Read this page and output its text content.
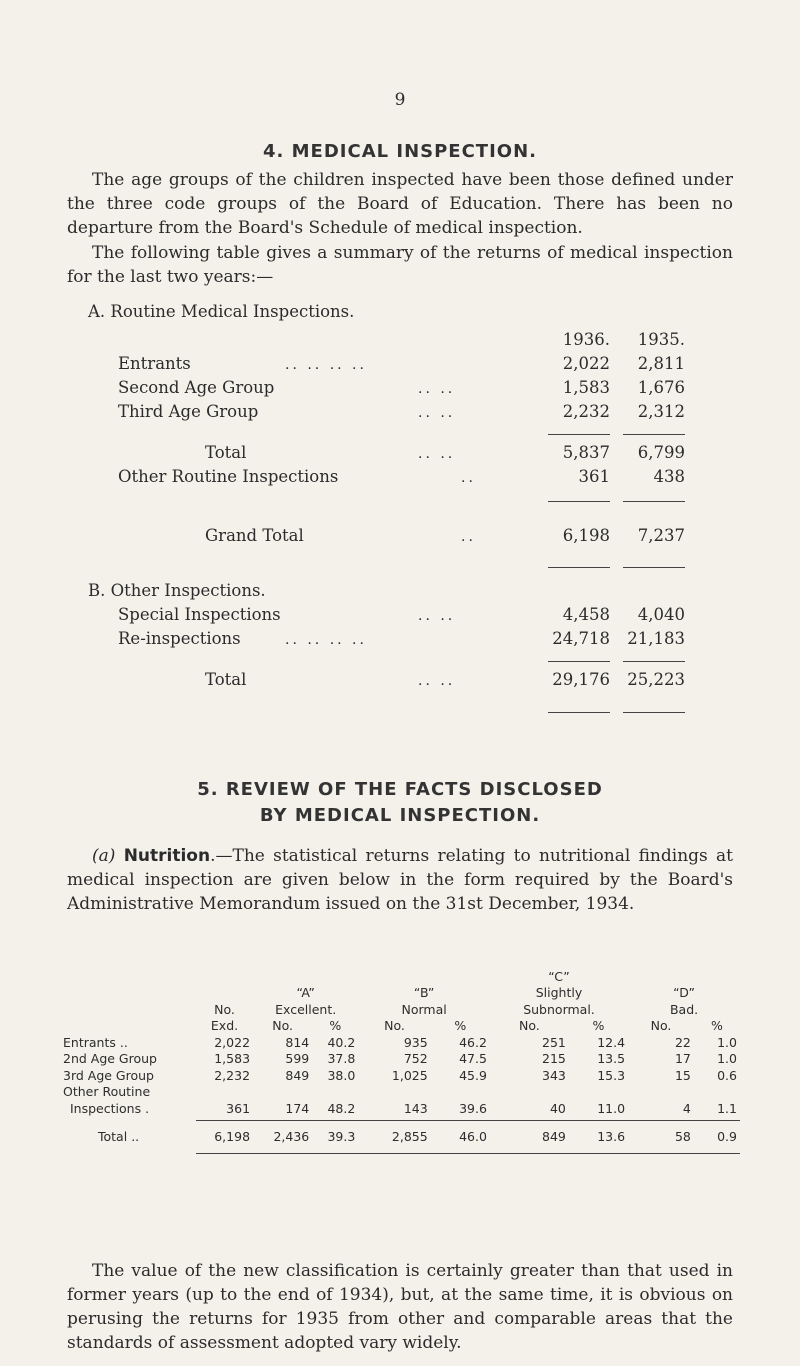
9
4. MEDICAL INSPECTION.
The age groups of the children inspected have been those defined under the three code groups of the Board of Education. There has been no departure from the Board's Schedule of medical inspection.
The following table gives a summary of the returns of medical inspection for the last two years:—
A. Routine Medical Inspections.
1936.	1935.
Entrants	.. .. .. ..	2,022	2,811
Second Age Group	.. ..	1,583	1,676
Third Age Group	.. ..	2,232	2,312
Total	.. ..	5,837	6,799
Other Routine Inspections	..	361	438
Grand Total	..	6,198	7,237
B. Other Inspections.
Special Inspections	.. ..	4,458	4,040
Re-inspections	.. .. .. ..	24,718	21,183
Total	.. ..	29,176	25,223
5. REVIEW OF THE FACTS DISCLOSED
BY MEDICAL INSPECTION.
(a) Nutrition.—The statistical returns relating to nutritional findings at medical inspection are given below in the form required by the Board's Administrative Memorandum issued on the 31st December, 1934.
						“C”			
		“A”		“B”		Slightly		“D”	
	No.	Excellent.		Normal		Subnormal.		Bad.	
	Exd.	No.	%	No.	%	No.	%	No.	%
Entrants ..	2,022	814	40.2	935	46.2	251	12.4	22	1.0
2nd Age Group	1,583	599	37.8	752	47.5	215	13.5	17	1.0
3rd Age Group	2,232	849	38.0	1,025	45.9	343	15.3	15	0.6
Other Routine									
Inspections .	361	174	48.2	143	39.6	40	11.0	4	1.1

Total ..	6,198	2,436	39.3	2,855	46.0	849	13.6	58	0.9
The value of the new classification is certainly greater than that used in former years (up to the end of 1934), but, at the same time, it is obvious on perusing the returns for 1935 from other and comparable areas that the standards of assessment adopted vary widely.
